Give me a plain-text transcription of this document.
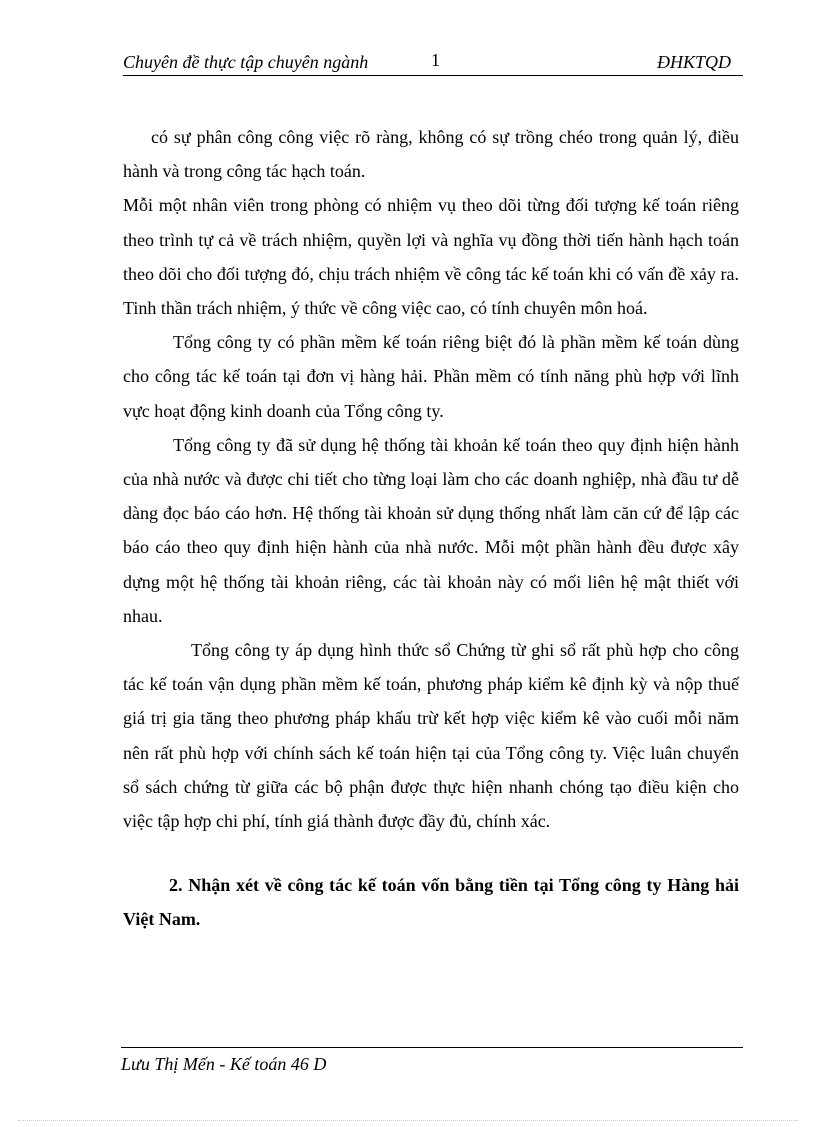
Chuyên đề thực tập chuyên ngành	1	ĐHKTQD

có sự phân công công việc rõ ràng, không có sự trồng chéo trong quản lý, điều hành và trong công tác hạch toán.

Mỗi một nhân viên trong phòng có nhiệm vụ theo dõi từng đối tượng kế toán riêng theo trình tự cả về trách nhiệm, quyền lợi và nghĩa vụ đồng thời tiến hành hạch toán theo dõi cho đối tượng đó, chịu trách nhiệm về công tác kế toán khi có vấn đề xảy ra. Tinh thần trách nhiệm, ý thức về công việc cao, có tính chuyên môn hoá.

Tổng công ty có phần mềm kế toán riêng biệt đó là phần mềm kế toán dùng cho công tác kế toán tại đơn vị hàng hải. Phần mềm có tính năng phù hợp với lĩnh vực hoạt động kinh doanh của Tổng công ty.

Tổng công ty đã sử dụng hệ thống tài khoản kế toán theo quy định hiện hành của nhà nước và được chi tiết cho từng loại làm cho các doanh nghiệp, nhà đầu tư dễ dàng đọc báo cáo hơn. Hệ thống tài khoản sử dụng thống nhất làm căn cứ để lập các báo cáo theo quy định hiện hành của nhà nước. Mỗi một phần hành đều được xây dựng một hệ thống tài khoản riêng, các tài khoản này có mối liên hệ mật thiết với nhau.

Tổng công ty áp dụng hình thức sổ Chứng từ ghi sổ rất phù hợp cho công tác kế toán vận dụng phần mềm kế toán, phương pháp kiểm kê định kỳ và nộp thuế giá trị gia tăng theo phương pháp khấu trừ kết hợp việc kiểm kê vào cuối mỗi năm nên rất phù hợp với chính sách kế toán hiện tại của Tổng công ty. Việc luân chuyển sổ sách chứng từ giữa các bộ phận được thực hiện nhanh chóng tạo điều kiện cho việc tập hợp chi phí, tính giá thành được đầy đủ, chính xác.

2. Nhận xét về công tác kế toán vốn bằng tiền tại Tổng công ty Hàng hải Việt Nam.

Lưu Thị Mến - Kế toán 46 D
